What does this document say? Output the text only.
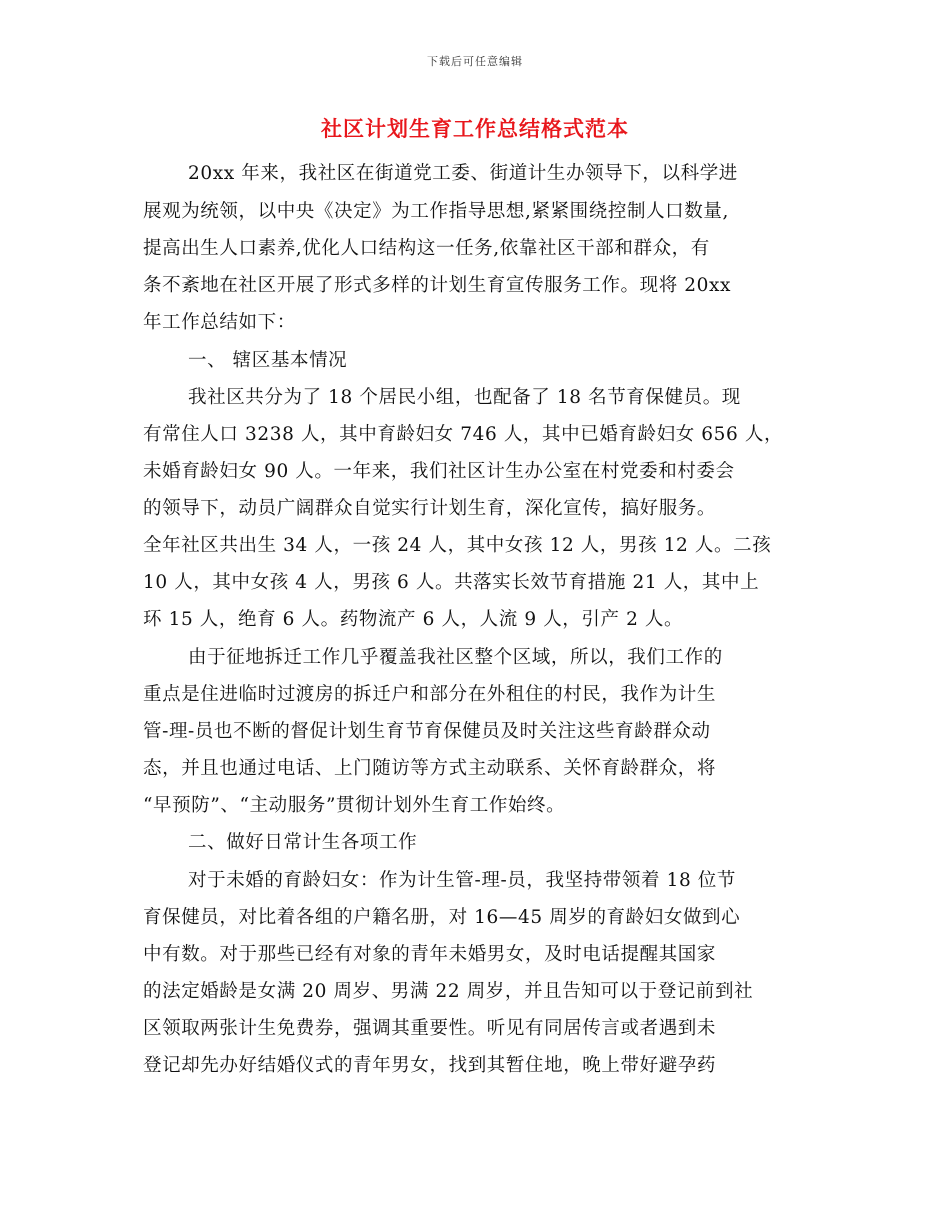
下载后可任意编辑
社区计划生育工作总结格式范本
20xx 年来，我社区在街道党工委、街道计生办领导下，以科学进
展观为统领，以中央《决定》为工作指导思想,紧紧围绕控制人口数量,
提高出生人口素养,优化人口结构这一任务,依靠社区干部和群众，有
条不紊地在社区开展了形式多样的计划生育宣传服务工作。现将 20xx
年工作总结如下：
一、 辖区基本情况
我社区共分为了 18 个居民小组，也配备了 18 名节育保健员。现
有常住人口 3238 人，其中育龄妇女 746 人，其中已婚育龄妇女 656 人，
未婚育龄妇女 90 人。一年来，我们社区计生办公室在村党委和村委会
的领导下，动员广阔群众自觉实行计划生育，深化宣传，搞好服务。
全年社区共出生 34 人，一孩 24 人，其中女孩 12 人，男孩 12 人。二孩
10 人，其中女孩 4 人，男孩 6 人。共落实长效节育措施 21 人，其中上
环 15 人，绝育 6 人。药物流产 6 人，人流 9 人，引产 2 人。
由于征地拆迁工作几乎覆盖我社区整个区域，所以，我们工作的
重点是住进临时过渡房的拆迁户和部分在外租住的村民，我作为计生
管-理-员也不断的督促计划生育节育保健员及时关注这些育龄群众动
态，并且也通过电话、上门随访等方式主动联系、关怀育龄群众，将
“早预防”、“主动服务”贯彻计划外生育工作始终。
二、做好日常计生各项工作
对于未婚的育龄妇女：作为计生管-理-员，我坚持带领着 18 位节
育保健员，对比着各组的户籍名册，对 16—45 周岁的育龄妇女做到心
中有数。对于那些已经有对象的青年未婚男女，及时电话提醒其国家
的法定婚龄是女满 20 周岁、男满 22 周岁，并且告知可以于登记前到社
区领取两张计生免费券，强调其重要性。听见有同居传言或者遇到未
登记却先办好结婚仪式的青年男女，找到其暂住地，晚上带好避孕药
